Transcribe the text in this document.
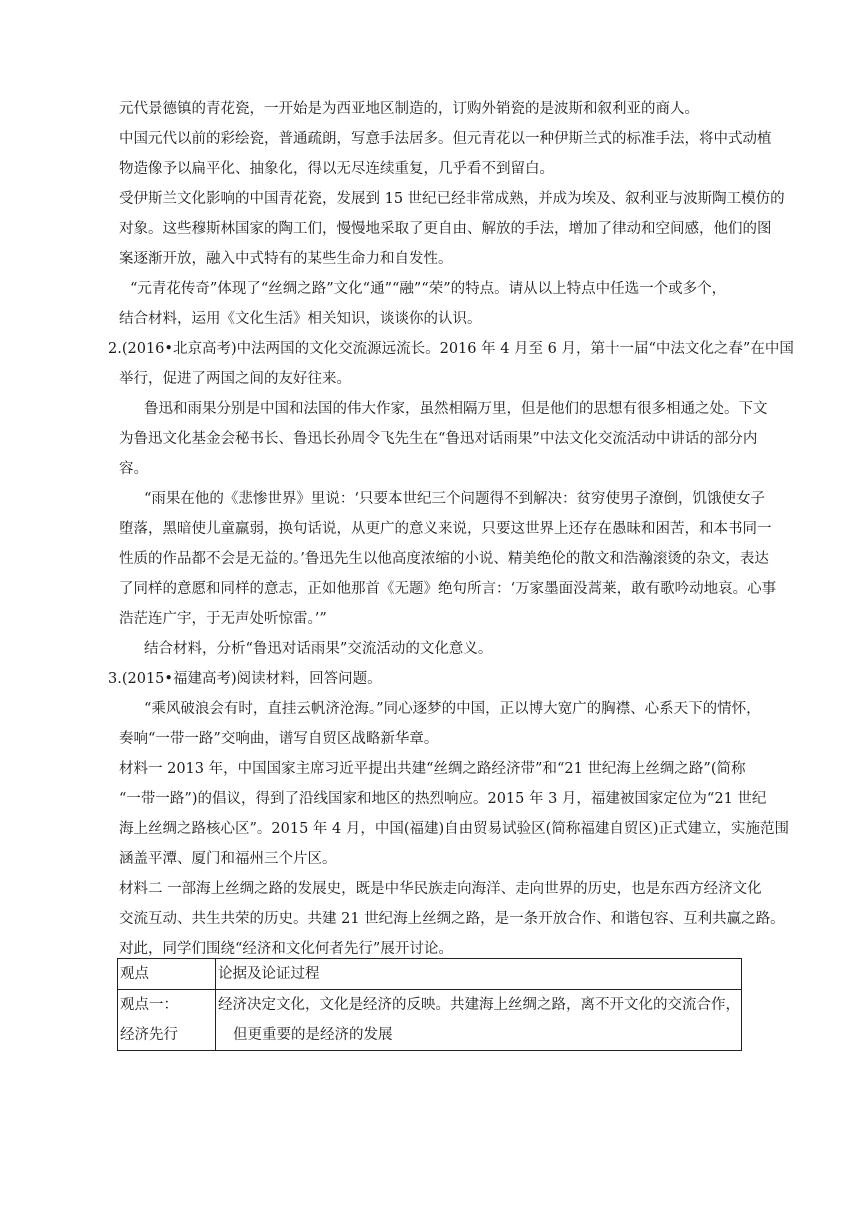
元代景德镇的青花瓷，一开始是为西亚地区制造的，订购外销瓷的是波斯和叙利亚的商人。
中国元代以前的彩绘瓷，普通疏朗，写意手法居多。但元青花以一种伊斯兰式的标准手法，将中式动植
物造像予以扁平化、抽象化，得以无尽连续重复，几乎看不到留白。
受伊斯兰文化影响的中国青花瓷，发展到 15 世纪已经非常成熟，并成为埃及、叙利亚与波斯陶工模仿的
对象。这些穆斯林国家的陶工们，慢慢地采取了更自由、解放的手法，增加了律动和空间感，他们的图
案逐渐开放，融入中式特有的某些生命力和自发性。
“元青花传奇”体现了“丝绸之路”文化“通”“融”“荣”的特点。请从以上特点中任选一个或多个，
结合材料，运用《文化生活》相关知识，谈谈你的认识。
2.(2016•北京高考)中法两国的文化交流源远流长。2016 年 4 月至 6 月，第十一届“中法文化之春”在中国
举行，促进了两国之间的友好往来。
鲁迅和雨果分别是中国和法国的伟大作家，虽然相隔万里，但是他们的思想有很多相通之处。下文
为鲁迅文化基金会秘书长、鲁迅长孙周令飞先生在“鲁迅对话雨果”中法文化交流活动中讲话的部分内
容。
“雨果在他的《悲惨世界》里说：‘只要本世纪三个问题得不到解决：贫穷使男子潦倒，饥饿使女子
堕落，黑暗使儿童羸弱，换句话说，从更广的意义来说，只要这世界上还存在愚昧和困苦，和本书同一
性质的作品都不会是无益的。’鲁迅先生以他高度浓缩的小说、精美绝伦的散文和浩瀚滚烫的杂文，表达
了同样的意愿和同样的意志，正如他那首《无题》绝句所言：‘万家墨面没蒿莱，敢有歌吟动地哀。心事
浩茫连广宇，于无声处听惊雷。’”
结合材料，分析“鲁迅对话雨果”交流活动的文化意义。
3.(2015•福建高考)阅读材料，回答问题。
“乘风破浪会有时，直挂云帆济沧海。”同心逐梦的中国，正以博大宽广的胸襟、心系天下的情怀，
奏响“一带一路”交响曲，谱写自贸区战略新华章。
材料一 2013 年，中国国家主席习近平提出共建“丝绸之路经济带”和“21 世纪海上丝绸之路”(简称
“一带一路”)的倡议，得到了沿线国家和地区的热烈响应。2015 年 3 月，福建被国家定位为“21 世纪
海上丝绸之路核心区”。2015 年 4 月，中国(福建)自由贸易试验区(简称福建自贸区)正式建立，实施范围
涵盖平潭、厦门和福州三个片区。
材料二 一部海上丝绸之路的发展史，既是中华民族走向海洋、走向世界的历史，也是东西方经济文化
交流互动、共生共荣的历史。共建 21 世纪海上丝绸之路，是一条开放合作、和谐包容、互利共赢之路。
对此，同学们围绕“经济和文化何者先行”展开讨论。
观点	论据及论证过程

观点一：
经济先行	经济决定文化，文化是经济的反映。共建海上丝绸之路，离不开文化的交流合作，
但更重要的是经济的发展
